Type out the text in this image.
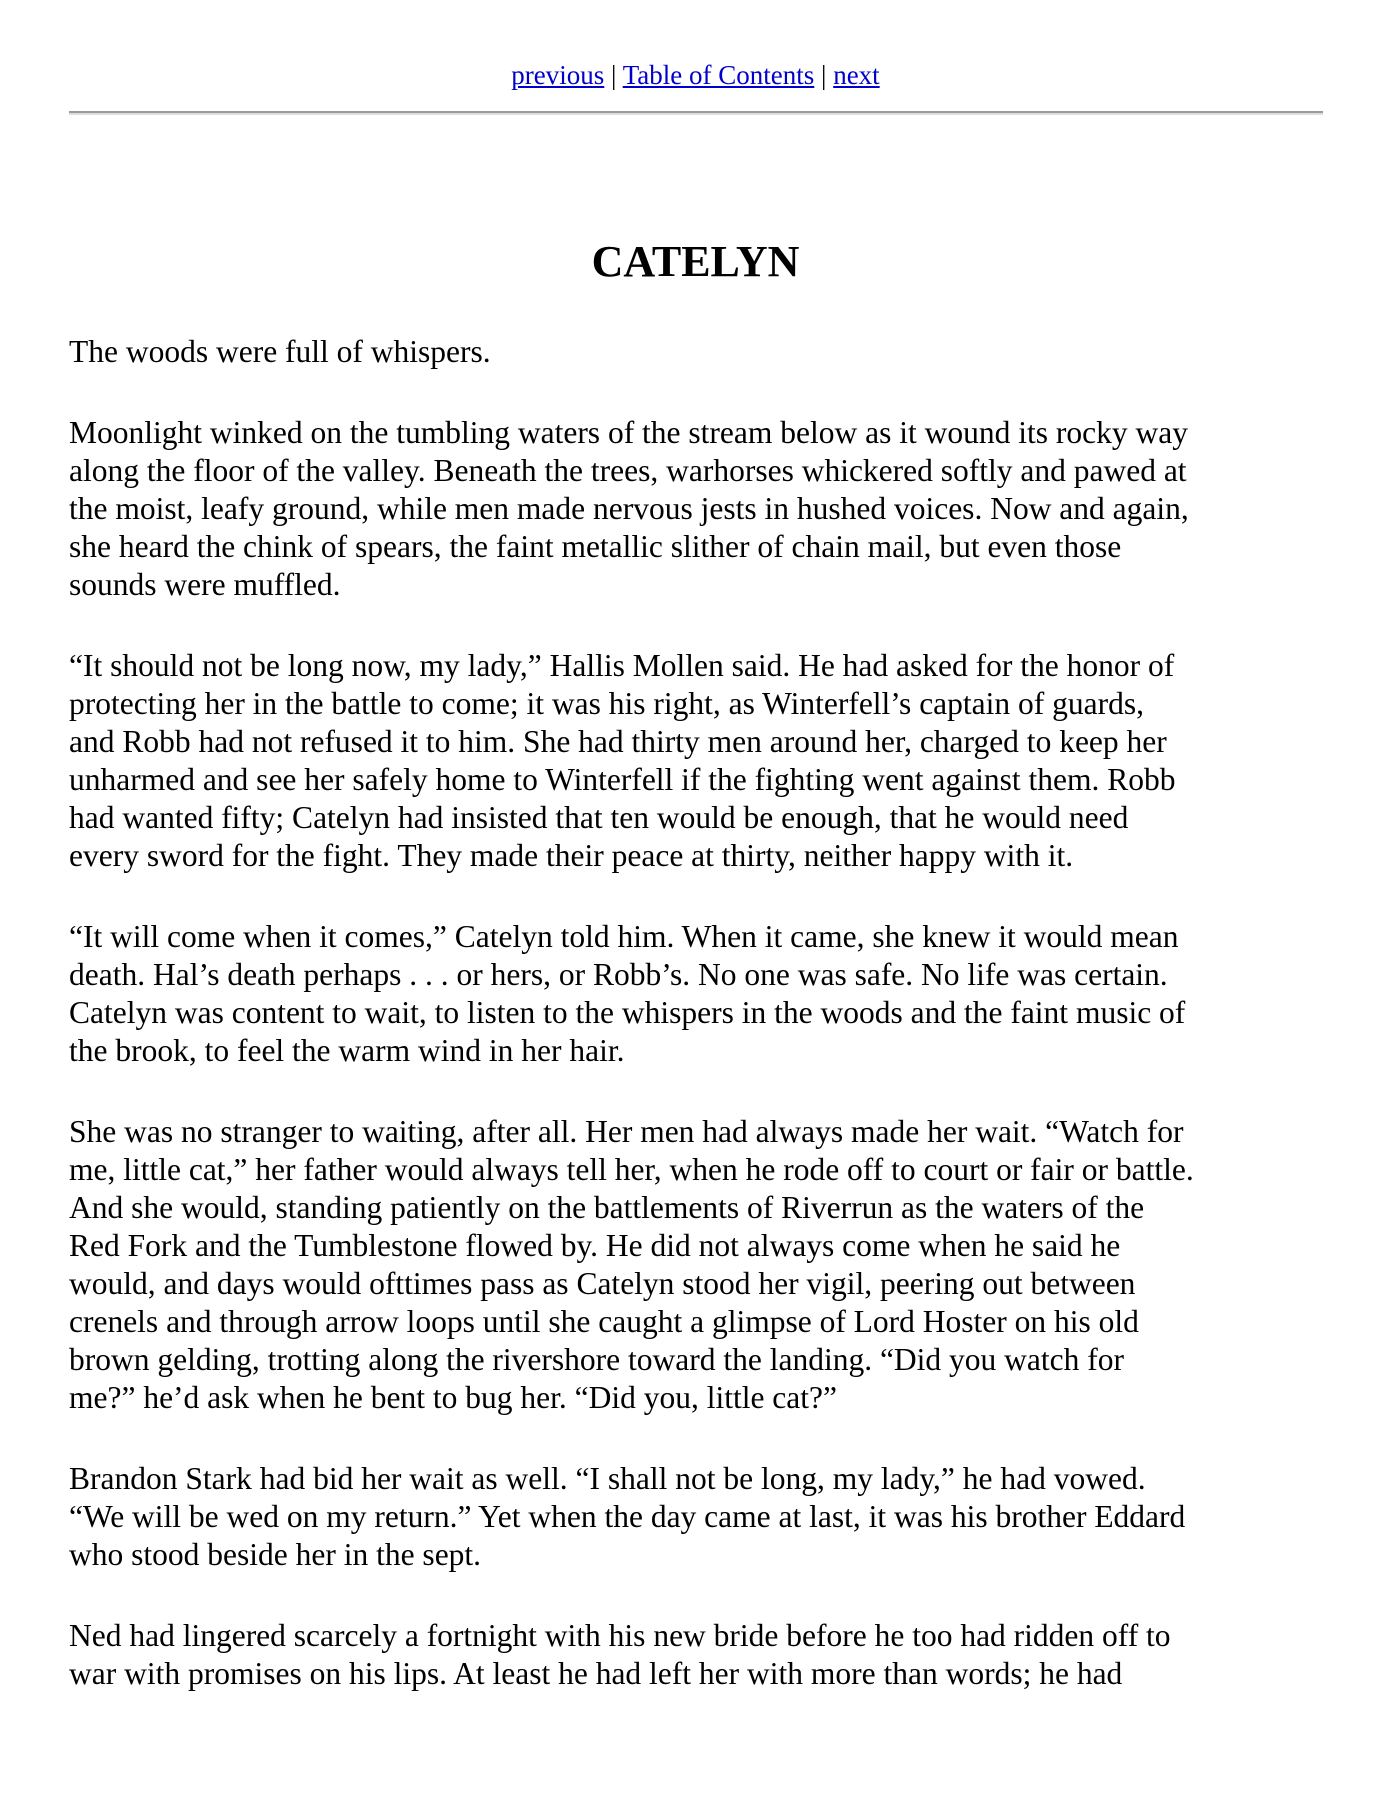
previous | Table of Contents | next
CATELYN

The woods were full of whispers.

Moonlight winked on the tumbling waters of the stream below as it wound its rocky way
along the floor of the valley. Beneath the trees, warhorses whickered softly and pawed at
the moist, leafy ground, while men made nervous jests in hushed voices. Now and again,
she heard the chink of spears, the faint metallic slither of chain mail, but even those
sounds were muffled.

“It should not be long now, my lady,” Hallis Mollen said. He had asked for the honor of
protecting her in the battle to come; it was his right, as Winterfell’s captain of guards,
and Robb had not refused it to him. She had thirty men around her, charged to keep her
unharmed and see her safely home to Winterfell if the fighting went against them. Robb
had wanted fifty; Catelyn had insisted that ten would be enough, that he would need
every sword for the fight. They made their peace at thirty, neither happy with it.

“It will come when it comes,” Catelyn told him. When it came, she knew it would mean
death. Hal’s death perhaps . . . or hers, or Robb’s. No one was safe. No life was certain.
Catelyn was content to wait, to listen to the whispers in the woods and the faint music of
the brook, to feel the warm wind in her hair.

She was no stranger to waiting, after all. Her men had always made her wait. “Watch for
me, little cat,” her father would always tell her, when he rode off to court or fair or battle.
And she would, standing patiently on the battlements of Riverrun as the waters of the
Red Fork and the Tumblestone flowed by. He did not always come when he said he
would, and days would ofttimes pass as Catelyn stood her vigil, peering out between
crenels and through arrow loops until she caught a glimpse of Lord Hoster on his old
brown gelding, trotting along the rivershore toward the landing. “Did you watch for
me?” he’d ask when he bent to bug her. “Did you, little cat?”

Brandon Stark had bid her wait as well. “I shall not be long, my lady,” he had vowed.
“We will be wed on my return.” Yet when the day came at last, it was his brother Eddard
who stood beside her in the sept.

Ned had lingered scarcely a fortnight with his new bride before he too had ridden off to
war with promises on his lips. At least he had left her with more than words; he had
